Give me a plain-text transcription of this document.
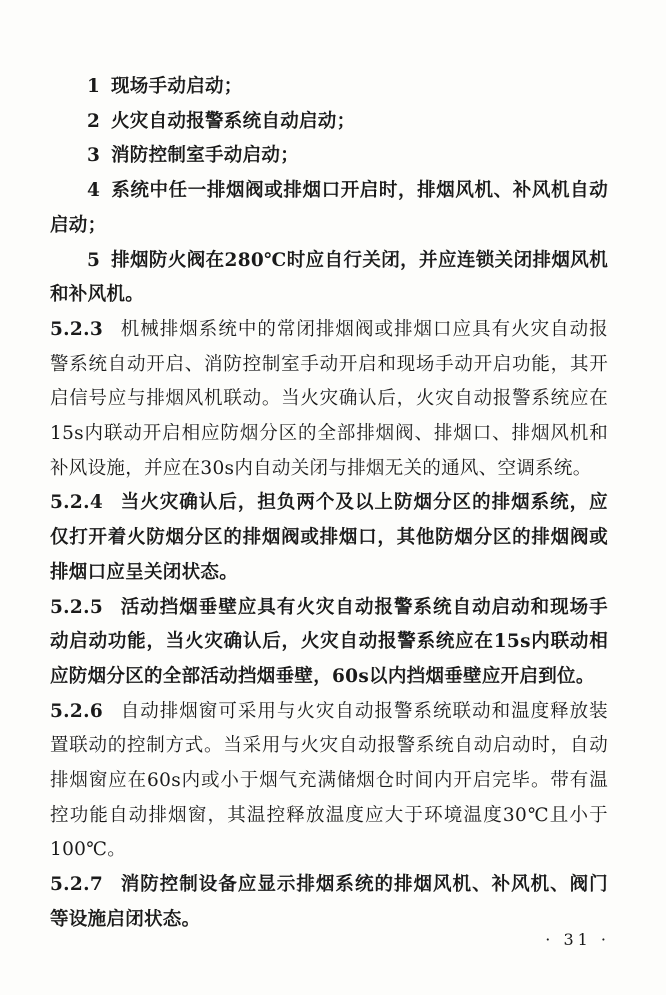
1 现场手动启动；

2 火灾自动报警系统自动启动；

3 消防控制室手动启动；

4 系统中任一排烟阀或排烟口开启时，排烟风机、补风机自动启动；

5 排烟防火阀在280℃时应自行关闭，并应连锁关闭排烟风机和补风机。

5.2.3 机械排烟系统中的常闭排烟阀或排烟口应具有火灾自动报警系统自动开启、消防控制室手动开启和现场手动开启功能，其开启信号应与排烟风机联动。当火灾确认后，火灾自动报警系统应在15s内联动开启相应防烟分区的全部排烟阀、排烟口、排烟风机和补风设施，并应在30s内自动关闭与排烟无关的通风、空调系统。

5.2.4 当火灾确认后，担负两个及以上防烟分区的排烟系统，应仅打开着火防烟分区的排烟阀或排烟口，其他防烟分区的排烟阀或排烟口应呈关闭状态。

5.2.5 活动挡烟垂壁应具有火灾自动报警系统自动启动和现场手动启动功能，当火灾确认后，火灾自动报警系统应在15s内联动相应防烟分区的全部活动挡烟垂壁，60s以内挡烟垂壁应开启到位。

5.2.6 自动排烟窗可采用与火灾自动报警系统联动和温度释放装置联动的控制方式。当采用与火灾自动报警系统自动启动时，自动排烟窗应在60s内或小于烟气充满储烟仓时间内开启完毕。带有温控功能自动排烟窗，其温控释放温度应大于环境温度30℃且小于100℃。

5.2.7 消防控制设备应显示排烟系统的排烟风机、补风机、阀门等设施启闭状态。

· 31 ·
